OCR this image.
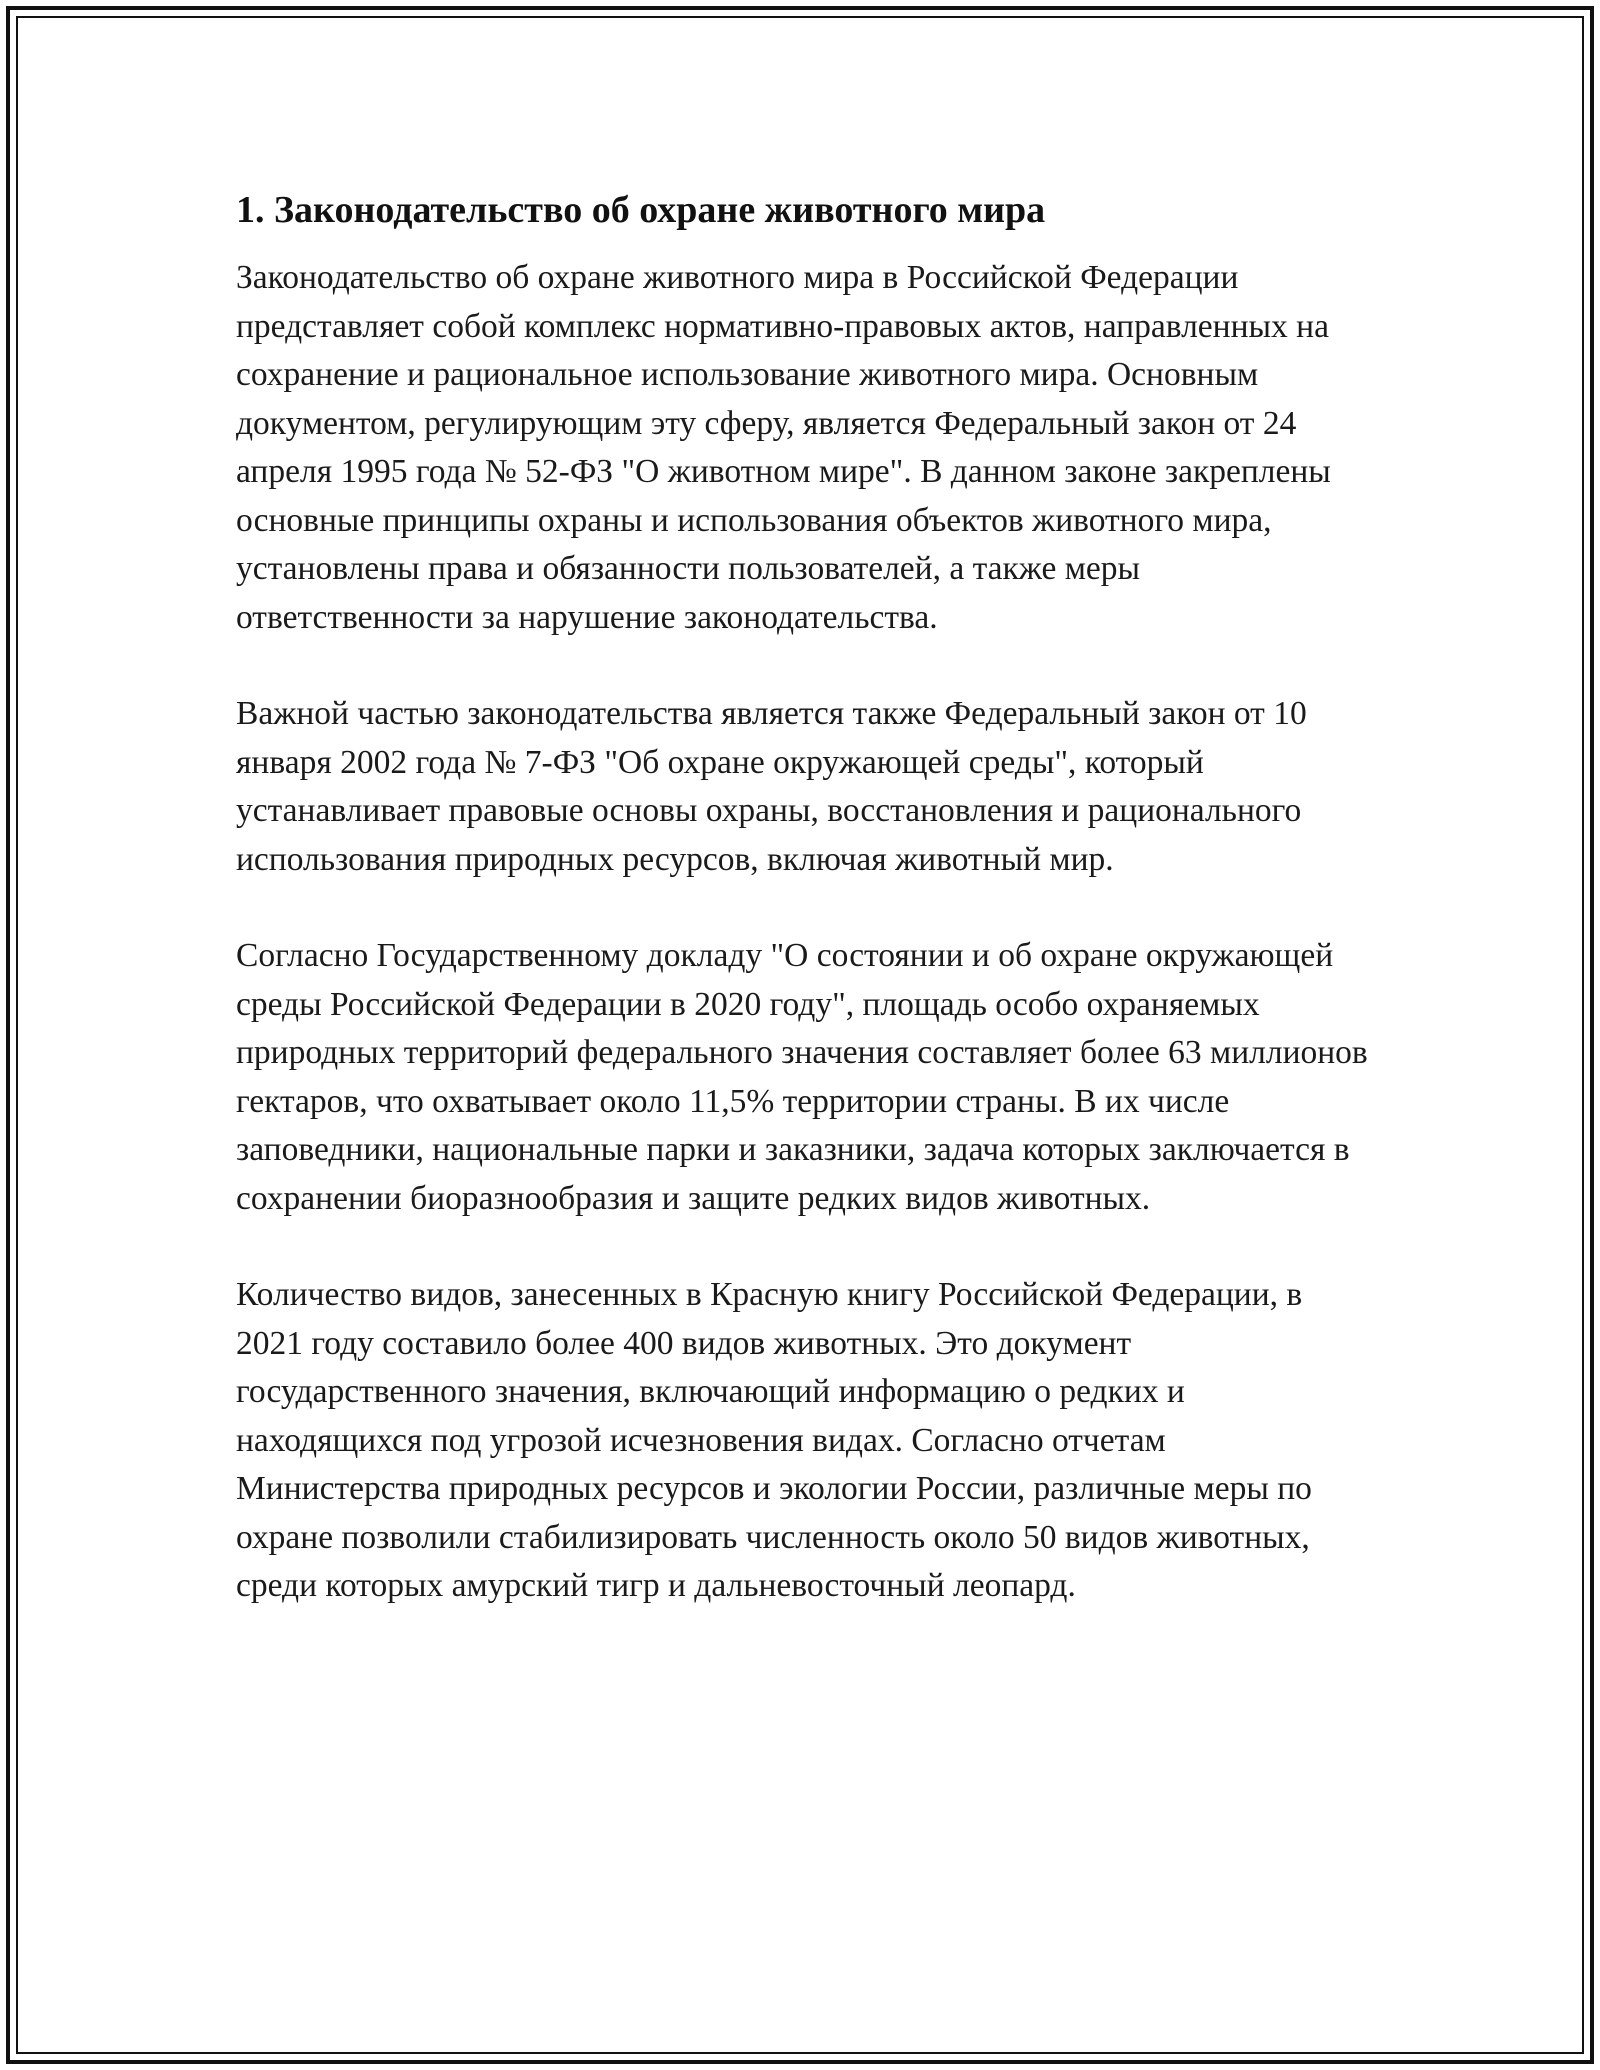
1. Законодательство об охране животного мира

Законодательство об охране животного мира в Российской Федерации представляет собой комплекс нормативно-правовых актов, направленных на сохранение и рациональное использование животного мира. Основным документом, регулирующим эту сферу, является Федеральный закон от 24 апреля 1995 года № 52-ФЗ "О животном мире". В данном законе закреплены основные принципы охраны и использования объектов животного мира, установлены права и обязанности пользователей, а также меры ответственности за нарушение законодательства.

Важной частью законодательства является также Федеральный закон от 10 января 2002 года № 7-ФЗ "Об охране окружающей среды", который устанавливает правовые основы охраны, восстановления и рационального использования природных ресурсов, включая животный мир.

Согласно Государственному докладу "О состоянии и об охране окружающей среды Российской Федерации в 2020 году", площадь особо охраняемых природных территорий федерального значения составляет более 63 миллионов гектаров, что охватывает около 11,5% территории страны. В их числе заповедники, национальные парки и заказники, задача которых заключается в сохранении биоразнообразия и защите редких видов животных.

Количество видов, занесенных в Красную книгу Российской Федерации, в 2021 году составило более 400 видов животных. Это документ государственного значения, включающий информацию о редких и находящихся под угрозой исчезновения видах. Согласно отчетам Министерства природных ресурсов и экологии России, различные меры по охране позволили стабилизировать численность около 50 видов животных, среди которых амурский тигр и дальневосточный леопард.
